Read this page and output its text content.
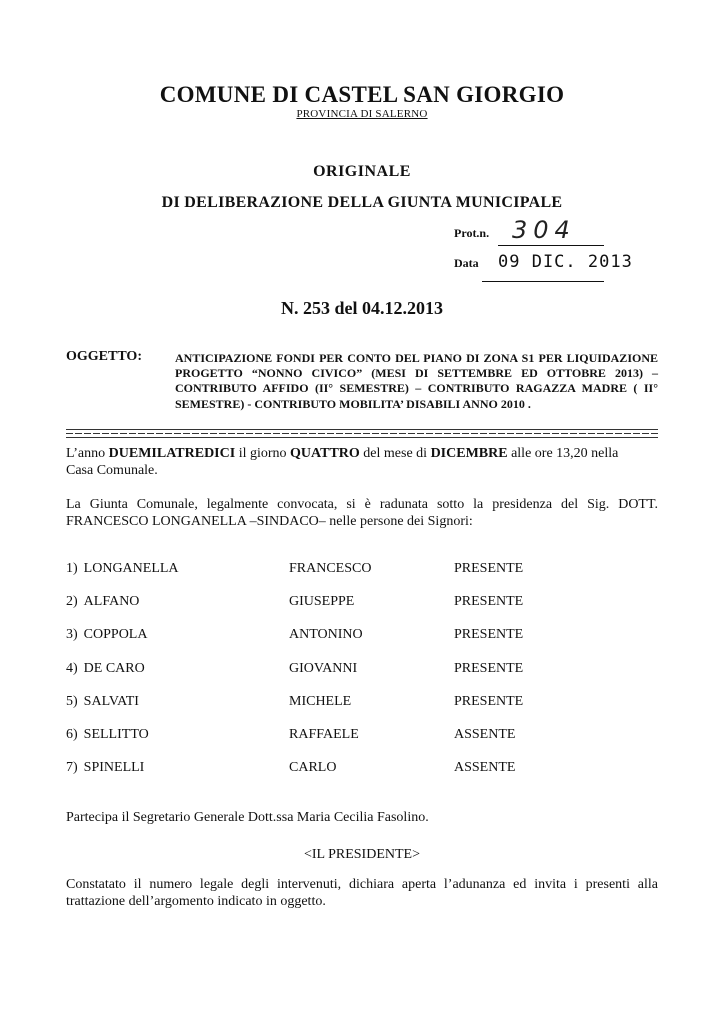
COMUNE DI CASTEL SAN GIORGIO
PROVINCIA DI SALERNO
ORIGINALE
DI DELIBERAZIONE DELLA GIUNTA MUNICIPALE
Prot.n. 304
Data 09 DIC. 2013
N. 253 del 04.12.2013
OGGETTO:	ANTICIPAZIONE FONDI PER CONTO DEL PIANO DI ZONA S1 PER LIQUIDAZIONE PROGETTO “NONNO CIVICO” (MESI DI SETTEMBRE ED OTTOBRE 2013) – CONTRIBUTO AFFIDO (II° SEMESTRE) – CONTRIBUTO RAGAZZA MADRE ( II° SEMESTRE) - CONTRIBUTO MOBILITA’ DISABILI ANNO 2010 .
L’anno DUEMILATREDICI il giorno QUATTRO del mese di DICEMBRE alle ore 13,20 nella
Casa Comunale.
La Giunta Comunale, legalmente convocata, si è radunata sotto la presidenza del Sig. DOTT. FRANCESCO LONGANELLA –SINDACO– nelle persone dei Signori:
1) LONGANELLA	FRANCESCO	PRESENTE
2) ALFANO	GIUSEPPE	PRESENTE
3) COPPOLA	ANTONINO	PRESENTE
4) DE CARO	GIOVANNI	PRESENTE
5) SALVATI	MICHELE	PRESENTE
6) SELLITTO	RAFFAELE	ASSENTE
7) SPINELLI	CARLO	ASSENTE
Partecipa il Segretario Generale Dott.ssa Maria Cecilia Fasolino.
<IL PRESIDENTE>
Constatato il numero legale degli intervenuti, dichiara aperta l’adunanza ed invita i presenti alla trattazione dell’argomento indicato in oggetto.
